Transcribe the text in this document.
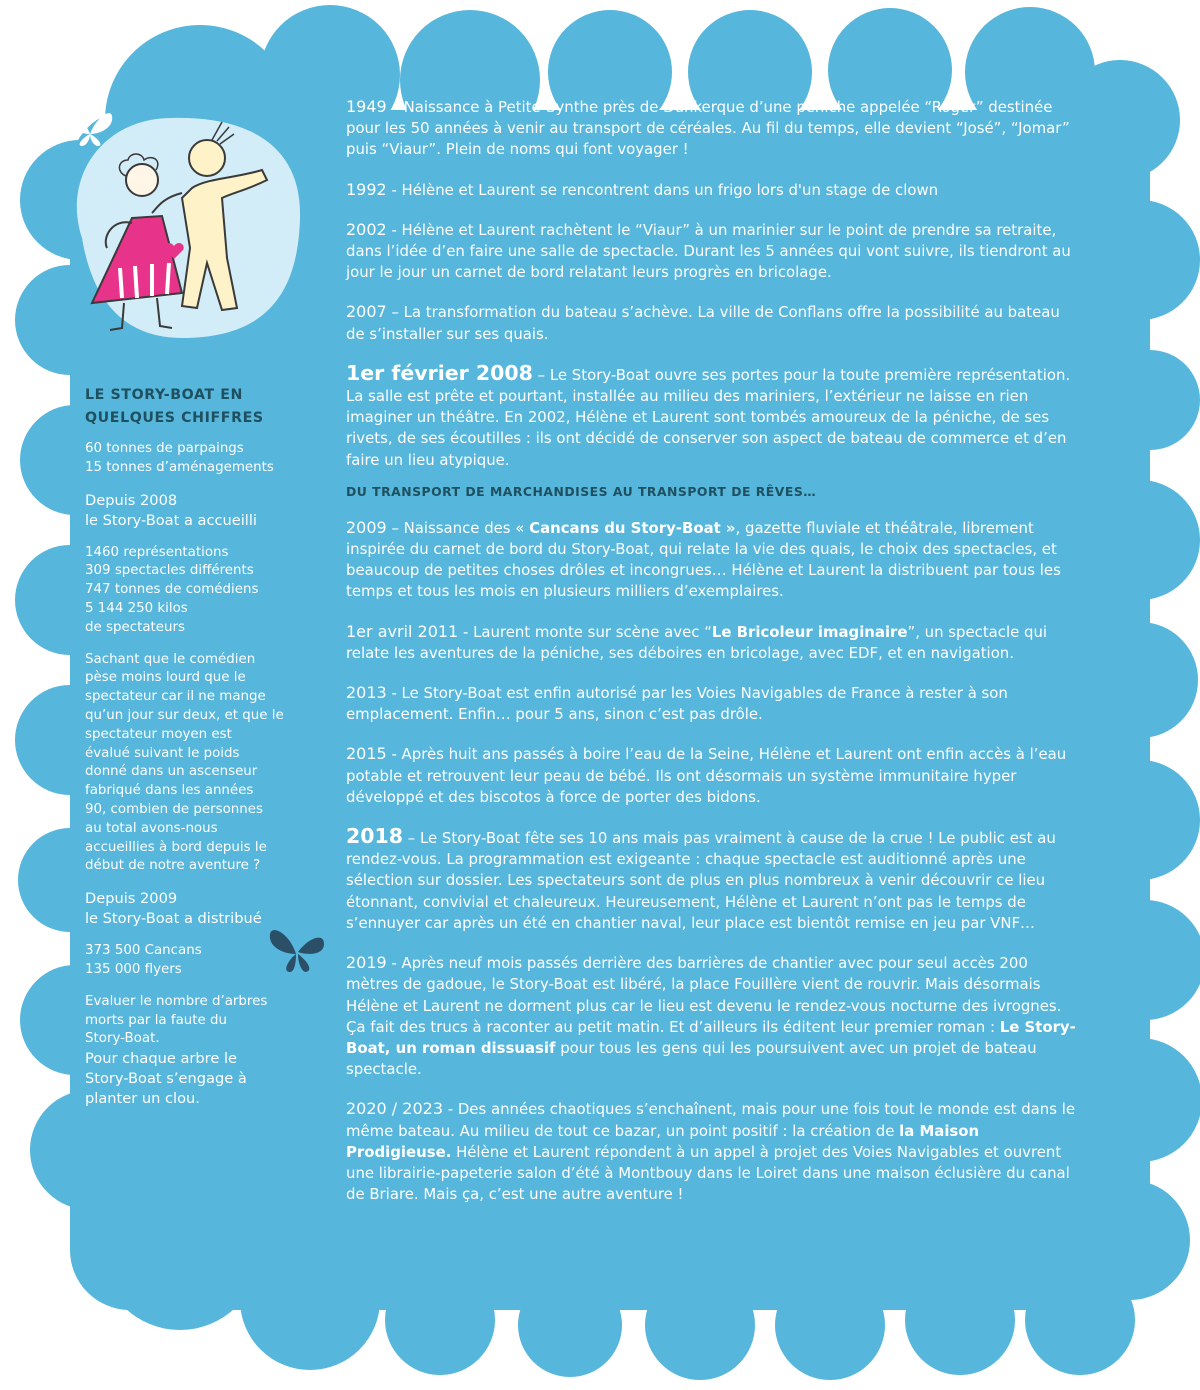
LE STORY-BOAT EN
QUELQUES CHIFFRES
60 tonnes de parpaings
15 tonnes d’aménagements
Depuis 2008
le Story-Boat a accueilli
1460 représentations
309 spectacles différents
747 tonnes de comédiens
5 144 250 kilos
de spectateurs
Sachant que le comédien
pèse moins lourd que le
spectateur car il ne mange
qu’un jour sur deux, et que le
spectateur moyen est
évalué suivant le poids
donné dans un ascenseur
fabriqué dans les années
90, combien de personnes
au total avons-nous
accueillies à bord depuis le
début de notre aventure ?
Depuis 2009
le Story-Boat a distribué
373 500 Cancans
135 000 flyers
Evaluer le nombre d’arbres
morts par la faute du
Story-Boat.
Pour chaque arbre le
Story-Boat s’engage à
planter un clou.

1949 – Naissance à Petite-Synthe près de Dunkerque d’une péniche appelée “Roger” destinée pour les 50 années à venir au transport de céréales. Au fil du temps, elle devient “José”, “Jomar” puis “Viaur”. Plein de noms qui font voyager !

1992 - Hélène et Laurent se rencontrent dans un frigo lors d'un stage de clown

2002 - Hélène et Laurent rachètent le “Viaur” à un marinier sur le point de prendre sa retraite, dans l’idée d’en faire une salle de spectacle. Durant les 5 années qui vont suivre, ils tiendront au jour le jour un carnet de bord relatant leurs progrès en bricolage.

2007 – La transformation du bateau s’achève. La ville de Conflans offre la possibilité au bateau de s’installer sur ses quais.

1er février 2008 – Le Story-Boat ouvre ses portes pour la toute première représentation. La salle est prête et pourtant, installée au milieu des mariniers, l’extérieur ne laisse en rien imaginer un théâtre. En 2002, Hélène et Laurent sont tombés amoureux de la péniche, de ses rivets, de ses écoutilles : ils ont décidé de conserver son aspect de bateau de commerce et d’en faire un lieu atypique.

DU TRANSPORT DE MARCHANDISES AU TRANSPORT DE RÊVES…

2009 – Naissance des « Cancans du Story-Boat », gazette fluviale et théâtrale, librement inspirée du carnet de bord du Story-Boat, qui relate la vie des quais, le choix des spectacles, et beaucoup de petites choses drôles et incongrues… Hélène et Laurent la distribuent par tous les temps et tous les mois en plusieurs milliers d’exemplaires.

1er avril 2011 - Laurent monte sur scène avec “Le Bricoleur imaginaire”, un spectacle qui relate les aventures de la péniche, ses déboires en bricolage, avec EDF, et en navigation.

2013 - Le Story-Boat est enfin autorisé par les Voies Navigables de France à rester à son emplacement. Enfin… pour 5 ans, sinon c’est pas drôle.

2015 - Après huit ans passés à boire l’eau de la Seine, Hélène et Laurent ont enfin accès à l’eau potable et retrouvent leur peau de bébé. Ils ont désormais un système immunitaire hyper développé et des biscotos à force de porter des bidons.

2018 – Le Story-Boat fête ses 10 ans mais pas vraiment à cause de la crue ! Le public est au rendez-vous. La programmation est exigeante : chaque spectacle est auditionné après une sélection sur dossier. Les spectateurs sont de plus en plus nombreux à venir découvrir ce lieu étonnant, convivial et chaleureux. Heureusement, Hélène et Laurent n’ont pas le temps de s’ennuyer car après un été en chantier naval, leur place est bientôt remise en jeu par VNF…

2019 - Après neuf mois passés derrière des barrières de chantier avec pour seul accès 200 mètres de gadoue, le Story-Boat est libéré, la place Fouillère vient de rouvrir. Mais désormais Hélène et Laurent ne dorment plus car le lieu est devenu le rendez-vous nocturne des ivrognes. Ça fait des trucs à raconter au petit matin. Et d’ailleurs ils éditent leur premier roman : Le Story-Boat, un roman dissuasif pour tous les gens qui les poursuivent avec un projet de bateau spectacle.

2020 / 2023 - Des années chaotiques s’enchaînent, mais pour une fois tout le monde est dans le même bateau. Au milieu de tout ce bazar, un point positif : la création de la Maison Prodigieuse. Hélène et Laurent répondent à un appel à projet des Voies Navigables et ouvrent une librairie-papeterie salon d’été à Montbouy dans le Loiret dans une maison éclusière du canal de Briare. Mais ça, c’est une autre aventure !
